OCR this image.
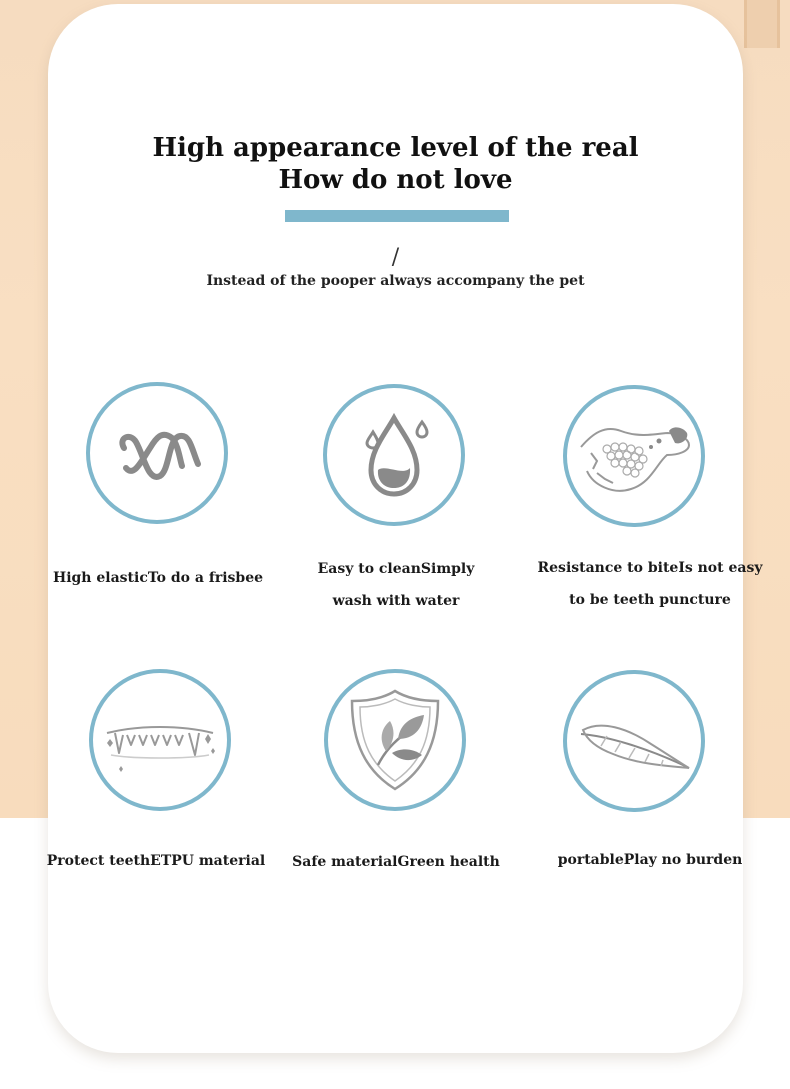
High appearance level of the real
How do not love
/
Instead of the pooper always accompany the pet
High elasticTo do a frisbee
Easy to cleanSimply
wash with water
Resistance to biteIs not easy
to be teeth puncture
Protect teethETPU material	Safe materialGreen health	portablePlay no burden
